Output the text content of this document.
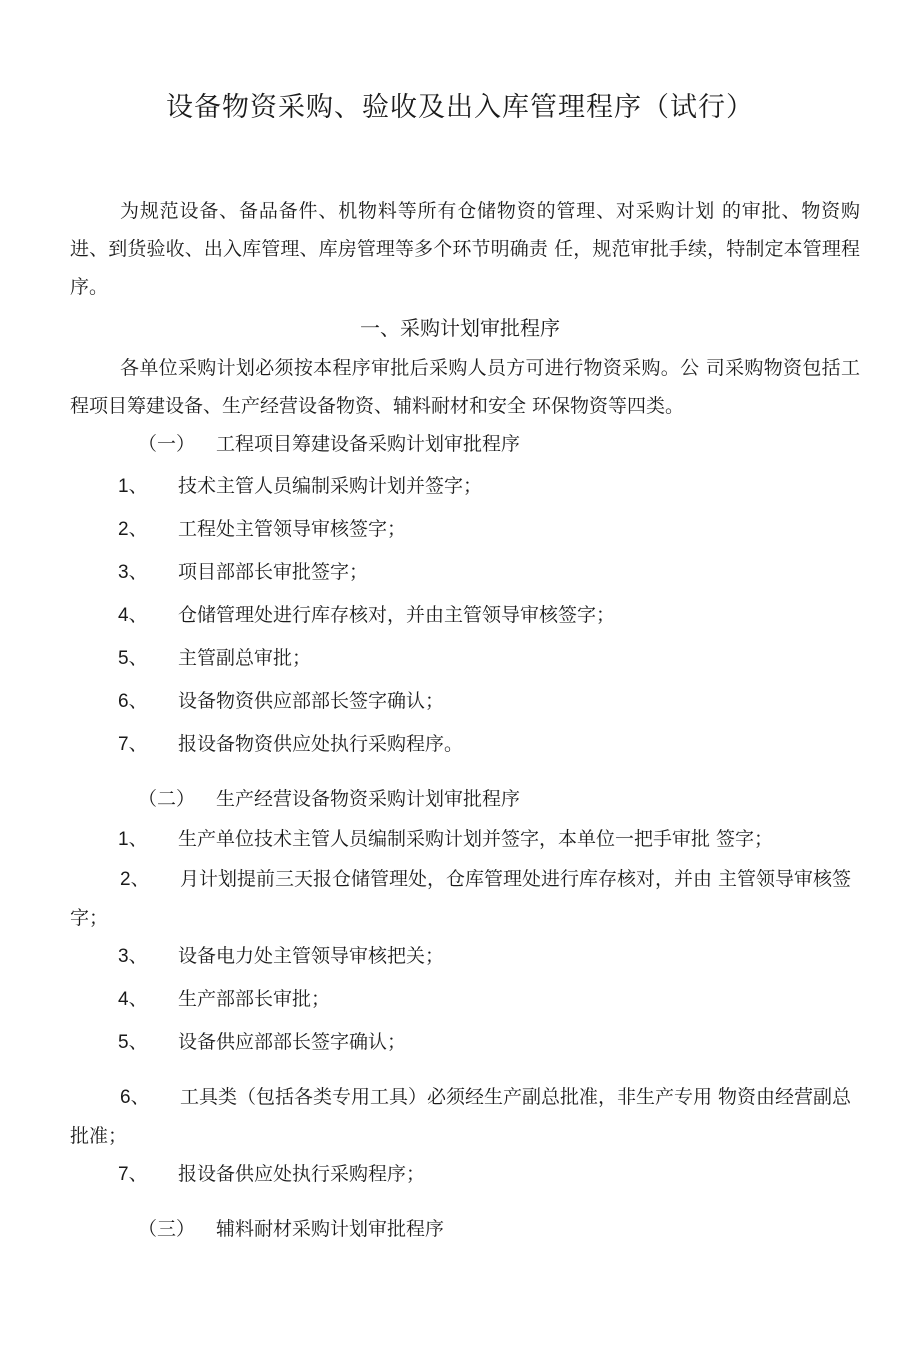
设备物资采购、验收及出入库管理程序（试行）
为规范设备、备品备件、机物料等所有仓储物资的管理、对采购计划 的审批、物资购进、到货验收、出入库管理、库房管理等多个环节明确责 任，规范审批手续，特制定本管理程序。
一、采购计划审批程序
各单位采购计划必须按本程序审批后采购人员方可进行物资采购。公 司采购物资包括工程项目筹建设备、生产经营设备物资、辅料耐材和安全 环保物资等四类。
（一） 工程项目筹建设备采购计划审批程序
1、 技术主管人员编制采购计划并签字；
2、 工程处主管领导审核签字；
3、 项目部部长审批签字；
4、 仓储管理处进行库存核对，并由主管领导审核签字；
5、 主管副总审批；
6、 设备物资供应部部长签字确认；
7、 报设备物资供应处执行采购程序。
（二） 生产经营设备物资采购计划审批程序
1、 生产单位技术主管人员编制采购计划并签字，本单位一把手审批 签字；
2、 月计划提前三天报仓储管理处，仓库管理处进行库存核对，并由 主管领导审核签字；
3、 设备电力处主管领导审核把关；
4、 生产部部长审批；
5、 设备供应部部长签字确认；
6、 工具类（包括各类专用工具）必须经生产副总批准，非生产专用 物资由经营副总批准；
7、 报设备供应处执行采购程序；
（三） 辅料耐材采购计划审批程序
